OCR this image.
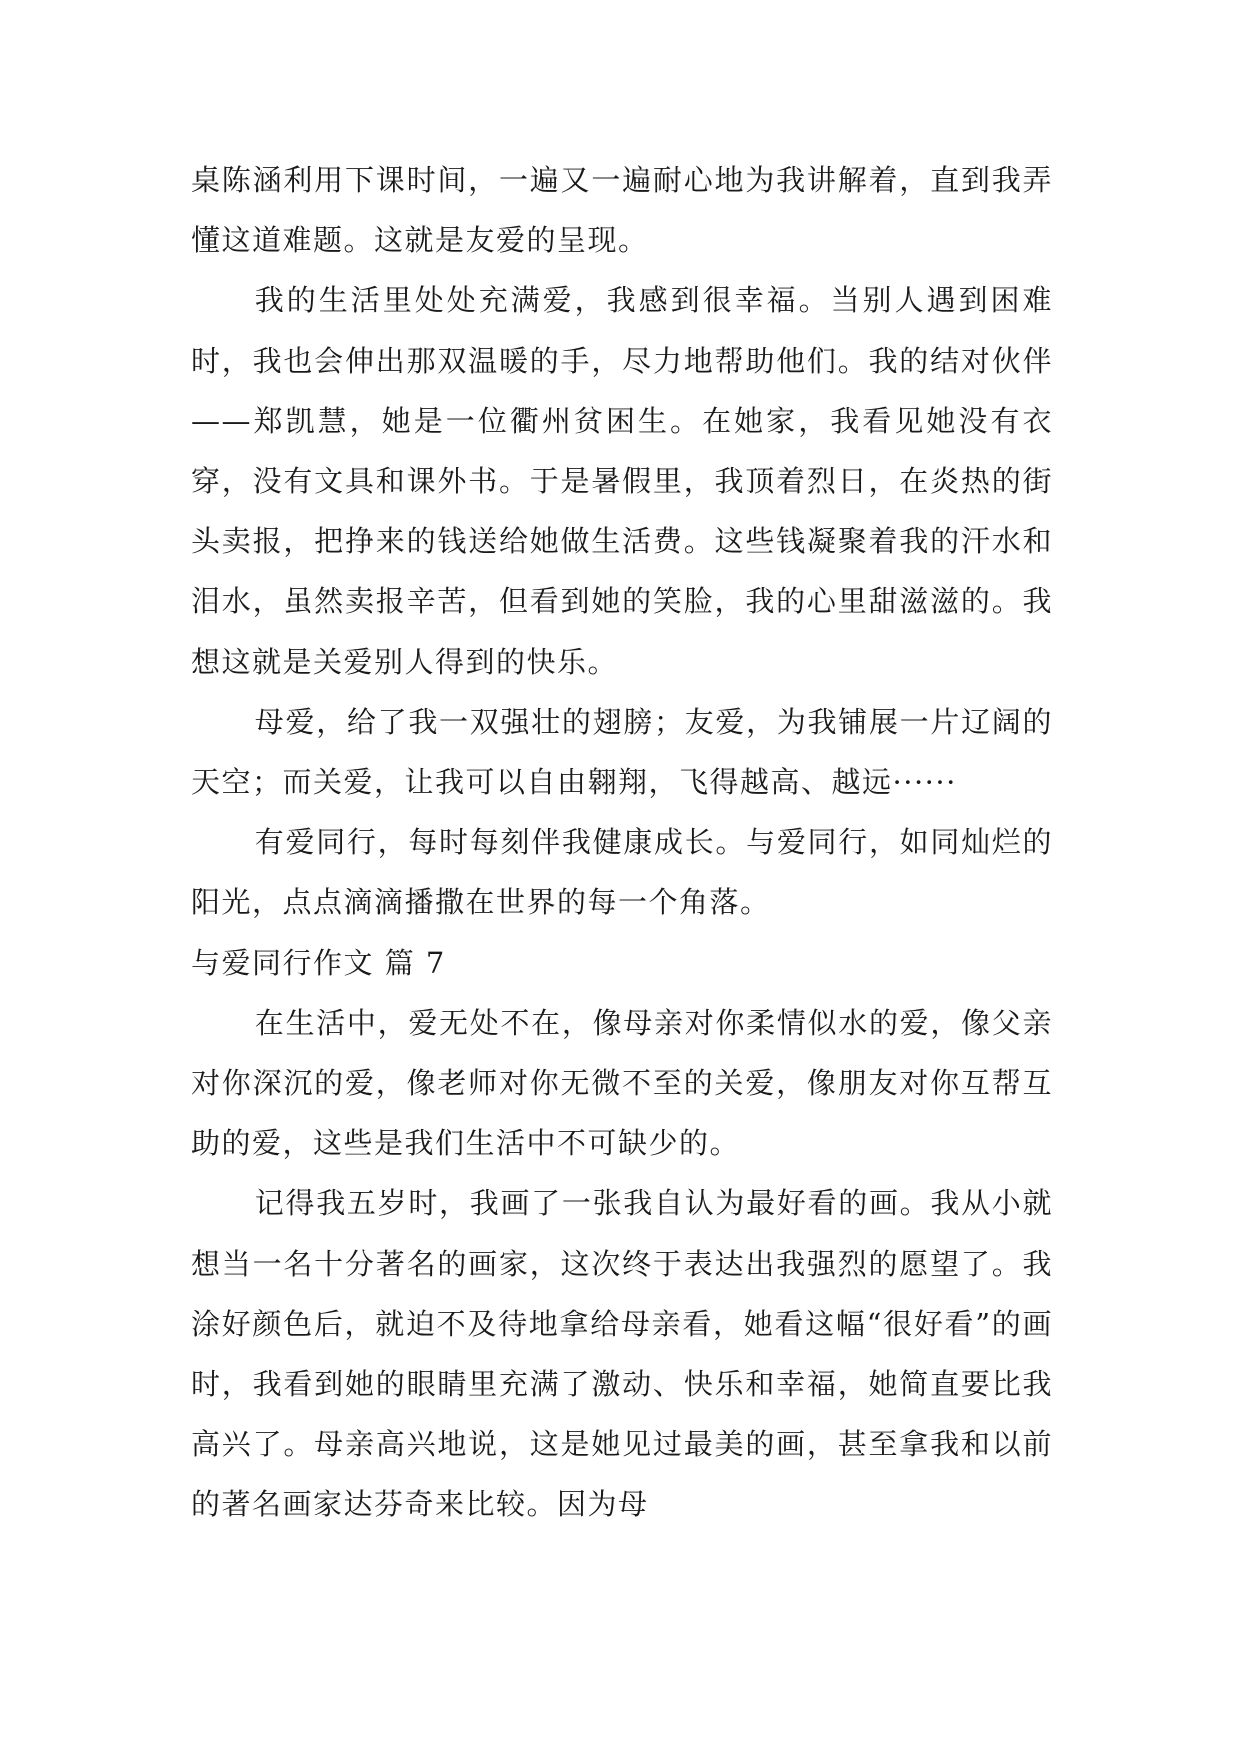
桌陈涵利用下课时间，一遍又一遍耐心地为我讲解着，直到我弄懂这道难题。这就是友爱的呈现。

我的生活里处处充满爱，我感到很幸福。当别人遇到困难时，我也会伸出那双温暖的手，尽力地帮助他们。我的结对伙伴——郑凯慧，她是一位衢州贫困生。在她家，我看见她没有衣穿，没有文具和课外书。于是暑假里，我顶着烈日，在炎热的街头卖报，把挣来的钱送给她做生活费。这些钱凝聚着我的汗水和泪水，虽然卖报辛苦，但看到她的笑脸，我的心里甜滋滋的。我想这就是关爱别人得到的快乐。

母爱，给了我一双强壮的翅膀；友爱，为我铺展一片辽阔的天空；而关爱，让我可以自由翱翔，飞得越高、越远······

有爱同行，每时每刻伴我健康成长。与爱同行，如同灿烂的阳光，点点滴滴播撒在世界的每一个角落。

与爱同行作文 篇 7

在生活中，爱无处不在，像母亲对你柔情似水的爱，像父亲对你深沉的爱，像老师对你无微不至的关爱，像朋友对你互帮互助的爱，这些是我们生活中不可缺少的。

记得我五岁时，我画了一张我自认为最好看的画。我从小就想当一名十分著名的画家，这次终于表达出我强烈的愿望了。我涂好颜色后，就迫不及待地拿给母亲看，她看这幅“很好看”的画时，我看到她的眼睛里充满了激动、快乐和幸福，她简直要比我高兴了。母亲高兴地说，这是她见过最美的画，甚至拿我和以前的著名画家达芬奇来比较。因为母
